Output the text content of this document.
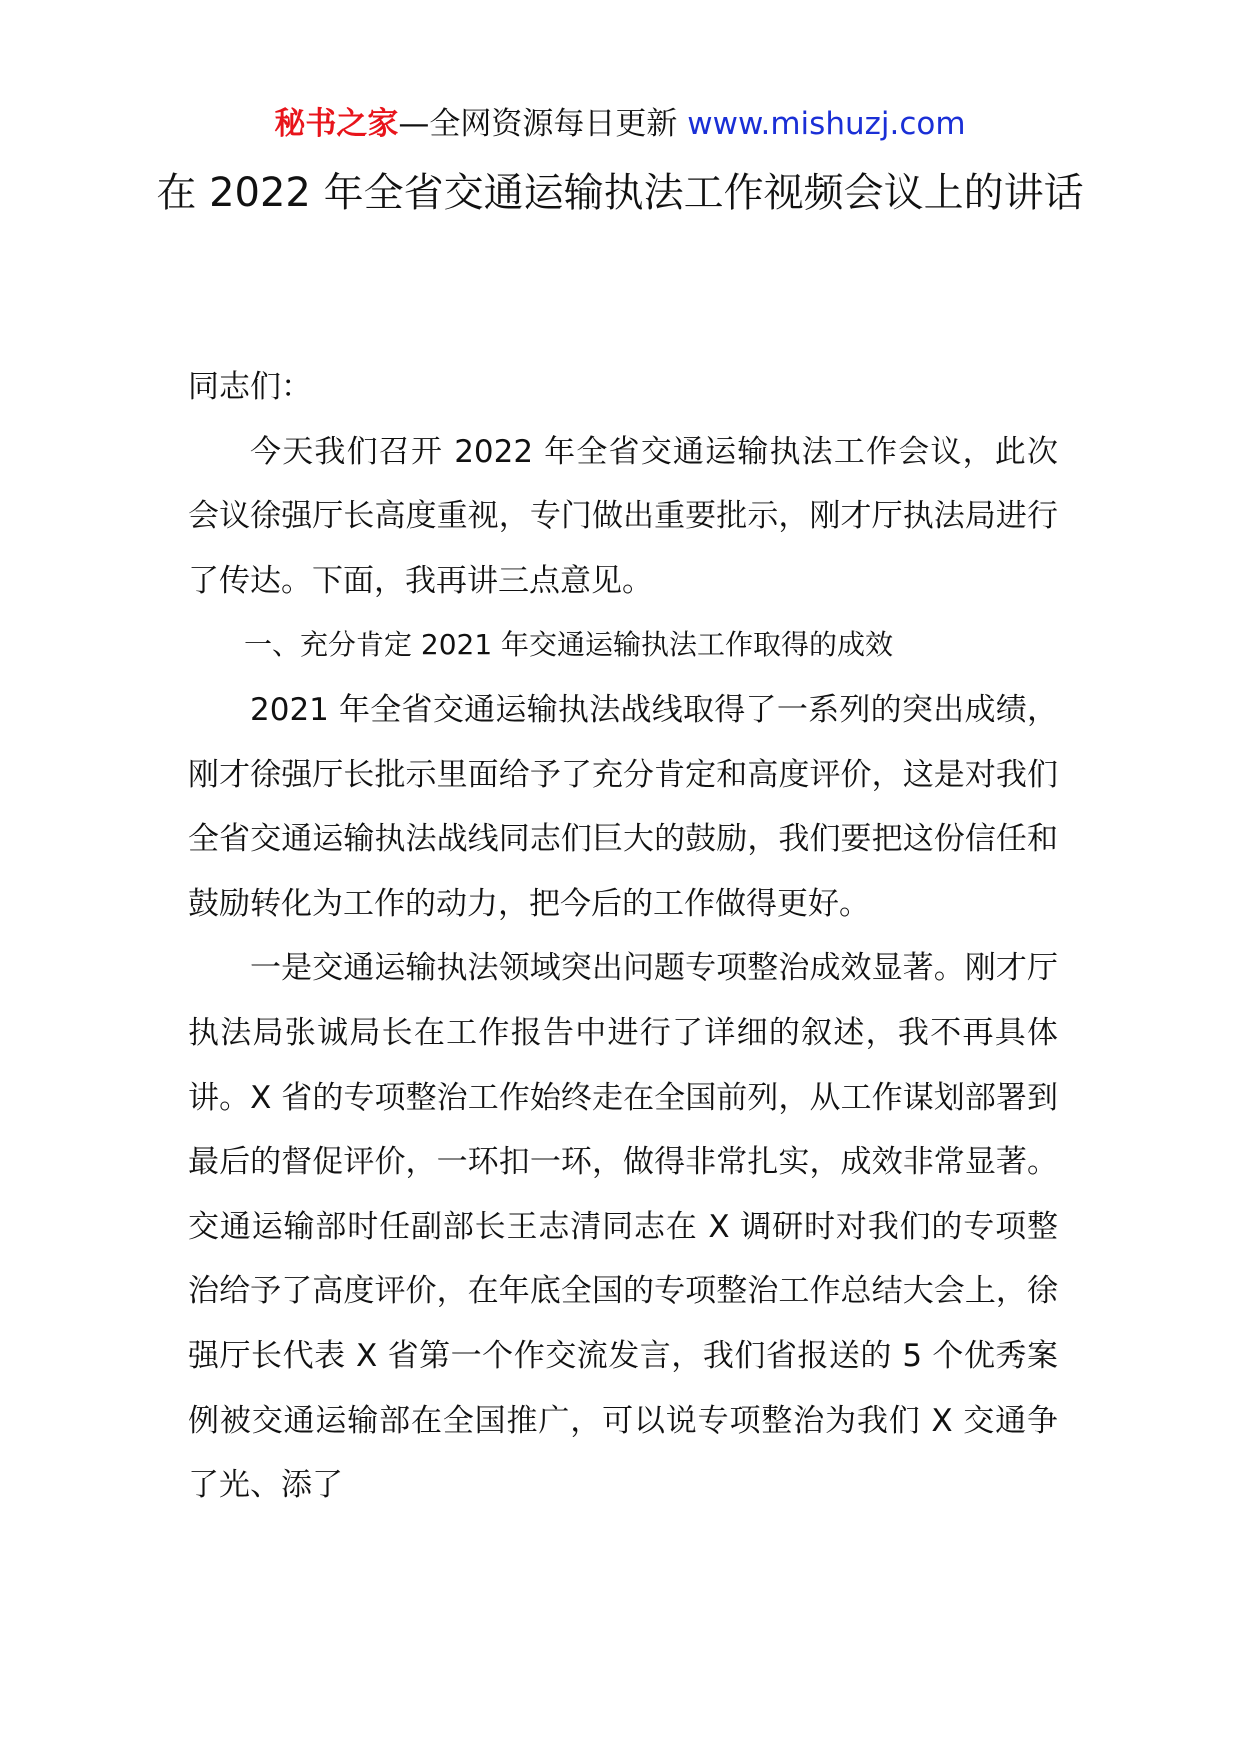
秘书之家—全网资源每日更新 www.mishuzj.com
在 2022 年全省交通运输执法工作视频会议上的讲话

同志们：

今天我们召开 2022 年全省交通运输执法工作会议，此次会议徐强厅长高度重视，专门做出重要批示，刚才厅执法局进行了传达。下面，我再讲三点意见。

一、充分肯定 2021 年交通运输执法工作取得的成效

2021 年全省交通运输执法战线取得了一系列的突出成绩，刚才徐强厅长批示里面给予了充分肯定和高度评价，这是对我们全省交通运输执法战线同志们巨大的鼓励，我们要把这份信任和鼓励转化为工作的动力，把今后的工作做得更好。

一是交通运输执法领域突出问题专项整治成效显著。刚才厅执法局张诚局长在工作报告中进行了详细的叙述，我不再具体讲。X 省的专项整治工作始终走在全国前列，从工作谋划部署到最后的督促评价，一环扣一环，做得非常扎实，成效非常显著。交通运输部时任副部长王志清同志在 X 调研时对我们的专项整治给予了高度评价，在年底全国的专项整治工作总结大会上，徐强厅长代表 X 省第一个作交流发言，我们省报送的 5 个优秀案例被交通运输部在全国推广，可以说专项整治为我们 X 交通争了光、添了
